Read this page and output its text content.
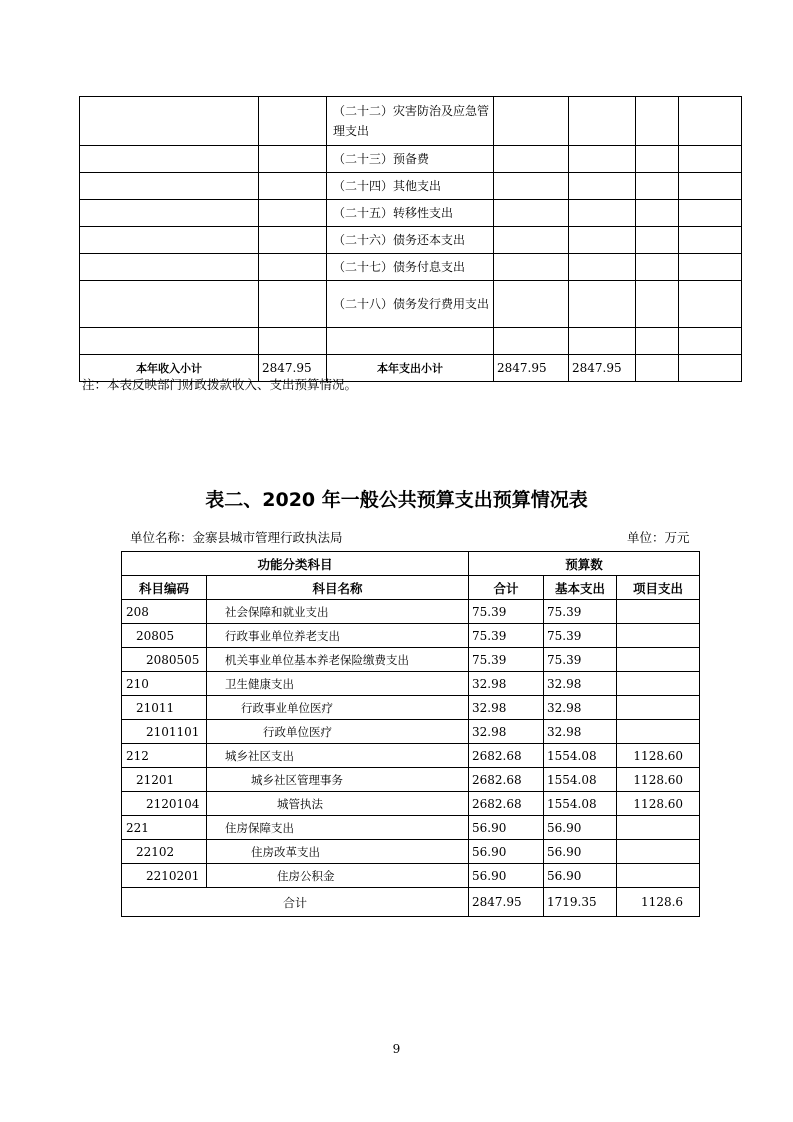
		（二十二）灾害防治及应急管理支出				
		（二十三）预备费				
		（二十四）其他支出				
		（二十五）转移性支出				
		（二十六）债务还本支出				
		（二十七）债务付息支出				
		（二十八）债务发行费用支出				

本年收入小计	2847.95	本年支出小计	2847.95	2847.95		
注：本表反映部门财政拨款收入、支出预算情况。
表二、2020 年一般公共预算支出预算情况表
单位名称：金寨县城市管理行政执法局	单位：万元
功能分类科目		预算数		
科目编码	科目名称	合计	基本支出	项目支出
208	社会保障和就业支出	75.39	75.39	
20805	行政事业单位养老支出	75.39	75.39	
2080505	机关事业单位基本养老保险缴费支出	75.39	75.39	
210	卫生健康支出	32.98	32.98	
21011	行政事业单位医疗	32.98	32.98	
2101101	行政单位医疗	32.98	32.98	
212	城乡社区支出	2682.68	1554.08	1128.60
21201	城乡社区管理事务	2682.68	1554.08	1128.60
2120104	城管执法	2682.68	1554.08	1128.60
221	住房保障支出	56.90	56.90	
22102	住房改革支出	56.90	56.90	
2210201	住房公积金	56.90	56.90	
合计		2847.95	1719.35	1128.6
9
